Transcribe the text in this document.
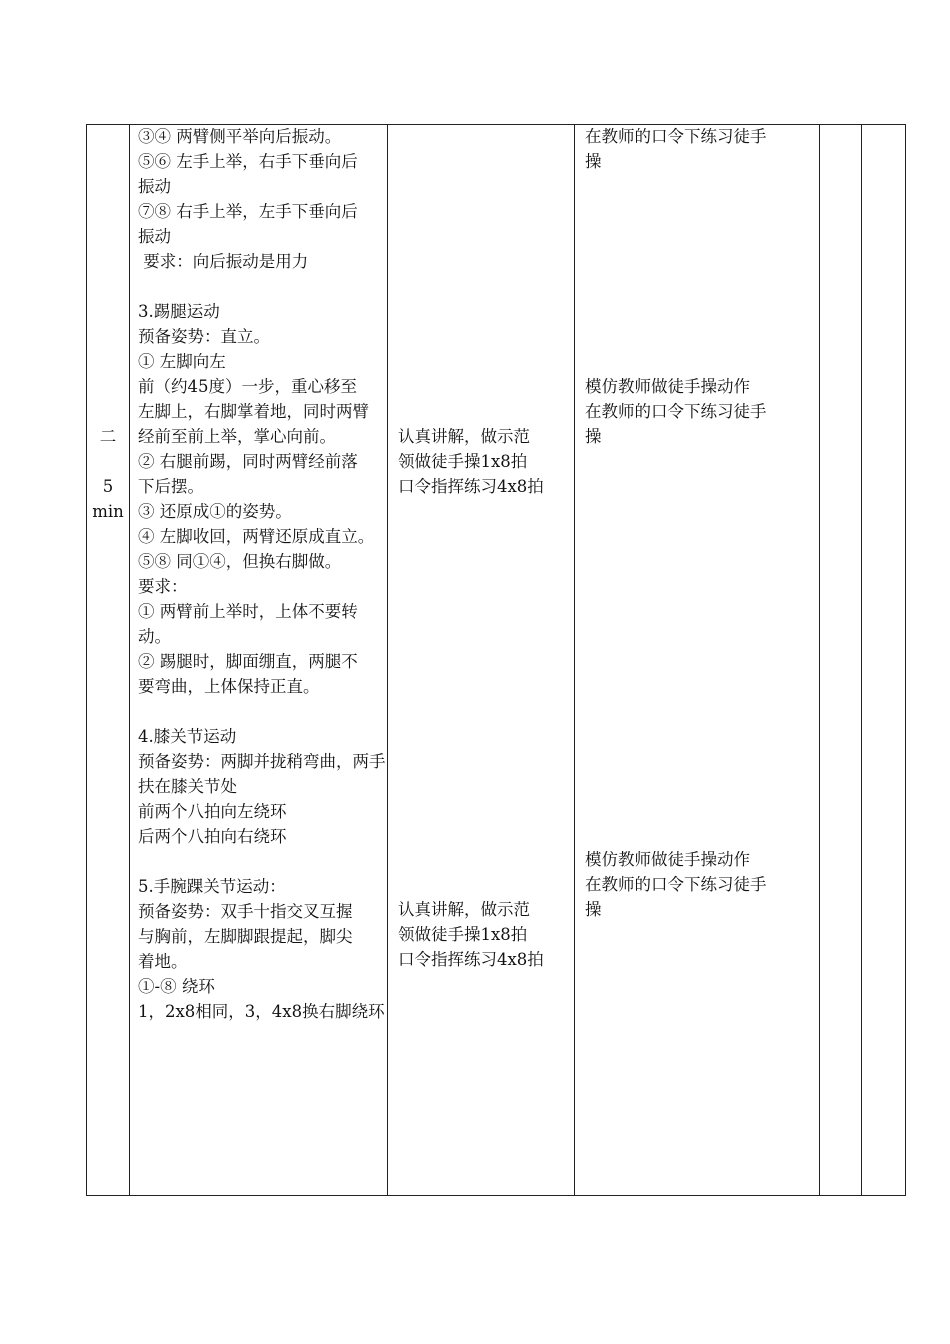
二
5
min
③④ 两臂侧平举向后振动。
⑤⑥ 左手上举，右手下垂向后
振动
⑦⑧ 右手上举，左手下垂向后
振动
要求：向后振动是用力
3.踢腿运动
预备姿势：直立。
① 左脚向左
前（约45度）一步，重心移至
左脚上，右脚掌着地，同时两臂
经前至前上举，掌心向前。
② 右腿前踢，同时两臂经前落
下后摆。
③ 还原成①的姿势。
④ 左脚收回，两臂还原成直立。
⑤⑧ 同①④，但换右脚做。
要求：
① 两臂前上举时，上体不要转
动。
② 踢腿时，脚面绷直，两腿不
要弯曲，上体保持正直。
4.膝关节运动
预备姿势：两脚并拢稍弯曲，两手
扶在膝关节处
前两个八拍向左绕环
后两个八拍向右绕环
5.手腕踝关节运动：
预备姿势：双手十指交叉互握
与胸前，左脚脚跟提起，脚尖
着地。
①-⑧ 绕环
1，2x8相同，3，4x8换右脚绕环
认真讲解，做示范
领做徒手操1x8拍
口令指挥练习4x8拍
认真讲解，做示范
领做徒手操1x8拍
口令指挥练习4x8拍
在教师的口令下练习徒手
操
模仿教师做徒手操动作
在教师的口令下练习徒手
操
模仿教师做徒手操动作
在教师的口令下练习徒手
操
